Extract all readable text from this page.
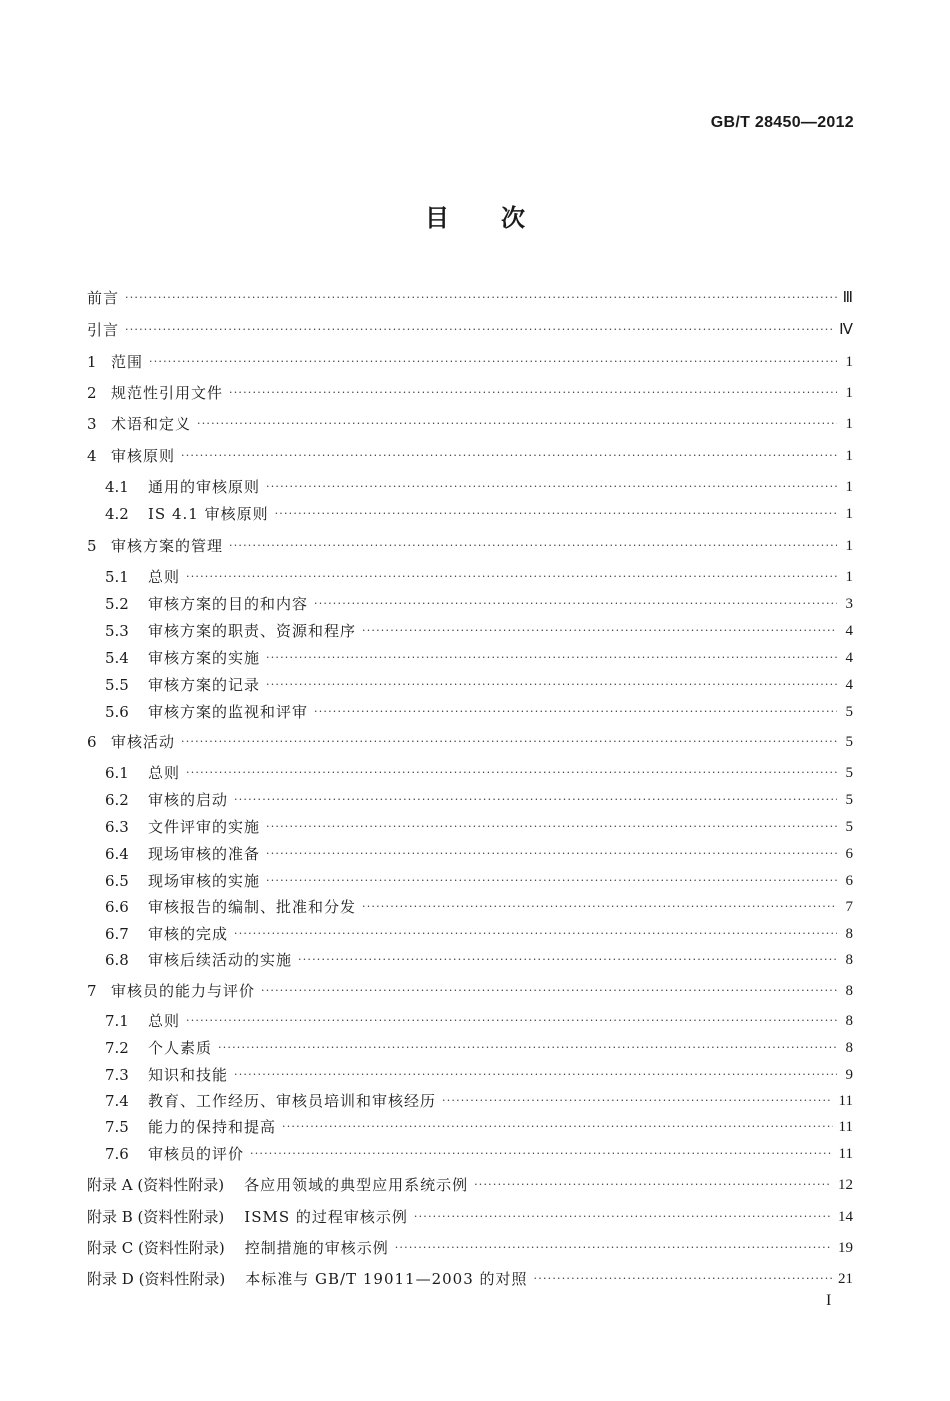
GB/T 28450—2012
目次
前言 ·····	Ⅲ
引言 ·····	Ⅳ
1 范围 ·····	1
2 规范性引用文件 ·····	1
3 术语和定义 ·····	1
4 审核原则 ·····	1
4.1	通用的审核原则 ·····	1
4.2	IS 4.1 审核原则 ·····	1
5 审核方案的管理 ·····	1
5.1	总则 ·····	1
5.2	审核方案的目的和内容 ·····	3
5.3	审核方案的职责、资源和程序 ·····	4
5.4	审核方案的实施 ·····	4
5.5	审核方案的记录 ·····	4
5.6	审核方案的监视和评审 ·····	5
6 审核活动 ·····	5
6.1	总则 ·····	5
6.2	审核的启动 ·····	5
6.3	文件评审的实施 ·····	5
6.4	现场审核的准备 ·····	6
6.5	现场审核的实施 ·····	6
6.6	审核报告的编制、批准和分发 ·····	7
6.7	审核的完成 ·····	8
6.8	审核后续活动的实施 ·····	8
7 审核员的能力与评价 ·····	8
7.1	总则 ·····	8
7.2	个人素质 ·····	8
7.3	知识和技能 ·····	9
7.4	教育、工作经历、审核员培训和审核经历 ·····	11
7.5	能力的保持和提高 ·····	11
7.6	审核员的评价 ·····	11
附录 A (资料性附录) 各应用领域的典型应用系统示例 ·····	12
附录 B (资料性附录) ISMS 的过程审核示例 ·····	14
附录 C (资料性附录) 控制措施的审核示例 ·····	19
附录 D (资料性附录) 本标准与 GB/T 19011—2003 的对照 ·····	21
I
